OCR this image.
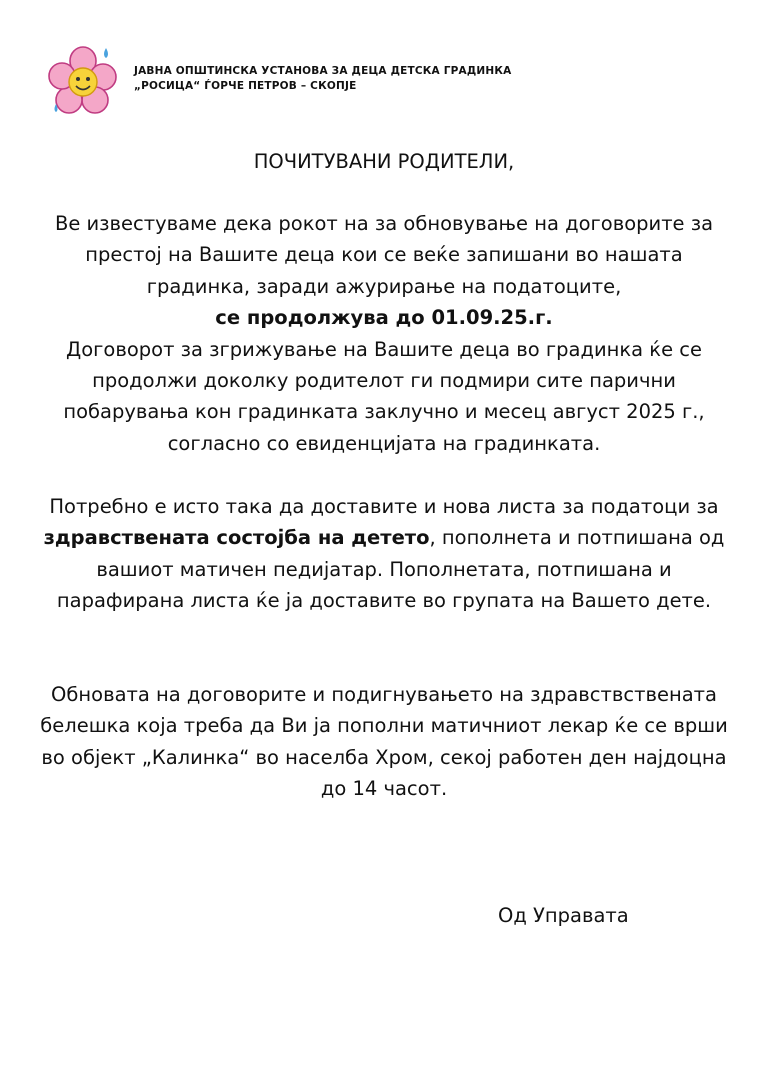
ЈАВНА ОПШТИНСКА УСТАНОВА ЗА ДЕЦА ДЕТСКА ГРАДИНКА
„РОСИЦА“ ЃОРЧЕ ПЕТРОВ – СКОПЈЕ
ПОЧИТУВАНИ РОДИТЕЛИ,

Ве известуваме дека рокот на за обновување на договорите за престој на Вашите деца кои се веќе запишани во нашата градинка, заради ажурирање на податоците,

се продолжува до 01.09.25.г.

Договорот за згрижување на Вашите деца во градинка ќе се продолжи доколку родителот ги подмири сите парични побарувања кон градинката заклучно и месец август 2025 г., согласно со евиденцијата на градинката.

Потребно е исто така да доставите и нова листа за податоци за здравствената состојба на детето, пополнета и потпишана од вашиот матичен педијатар. Пополнетата, потпишана и парафирана листа ќе ја доставите во групата на Вашето дете.

Обновата на договорите и подигнувањето на здравствствената белешка која треба да Ви ја пополни матичниот лекар ќе се врши во објект „Калинка“ во населба Хром, секој работен ден најдоцна до 14 часот.

Од Управата
